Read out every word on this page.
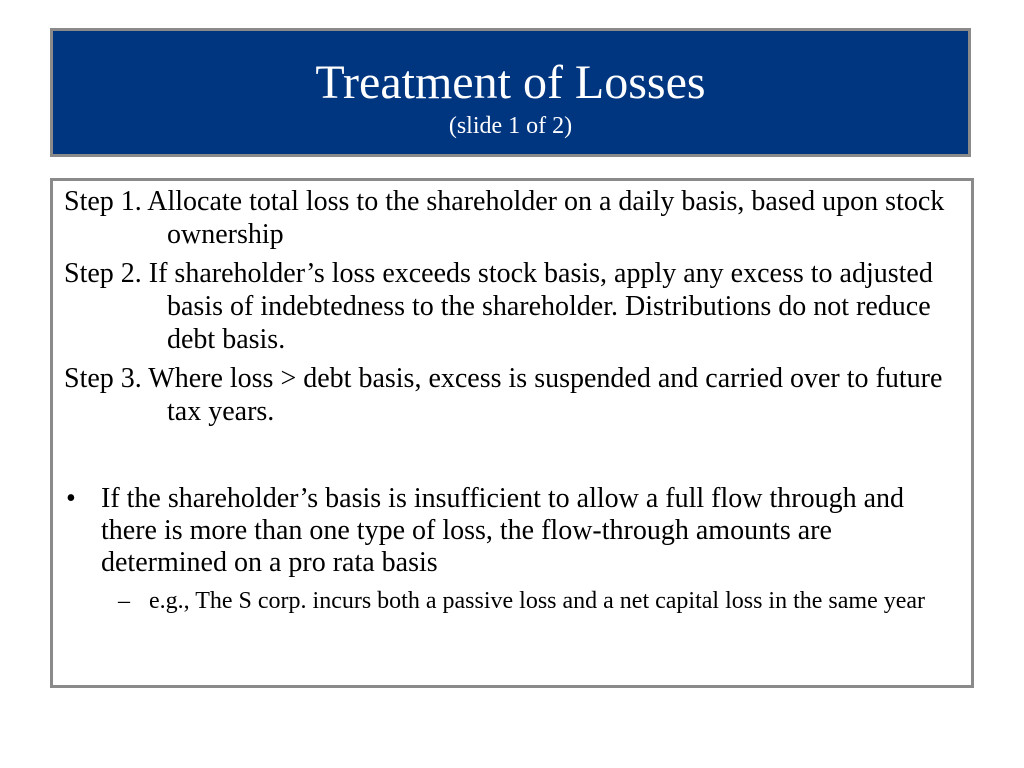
Treatment of Losses
(slide 1 of 2)
Step 1. Allocate total loss to the shareholder on a daily basis, based upon stock ownership
Step 2. If shareholder’s loss exceeds stock basis, apply any excess to adjusted basis of indebtedness to the shareholder. Distributions do not reduce debt basis.
Step 3. Where loss > debt basis, excess is suspended and carried over to future tax years.
• If the shareholder’s basis is insufficient to allow a full flow through and there is more than one type of loss, the flow-through amounts are determined on a pro rata basis
– e.g., The S corp. incurs both a passive loss and a net capital loss in the same year
